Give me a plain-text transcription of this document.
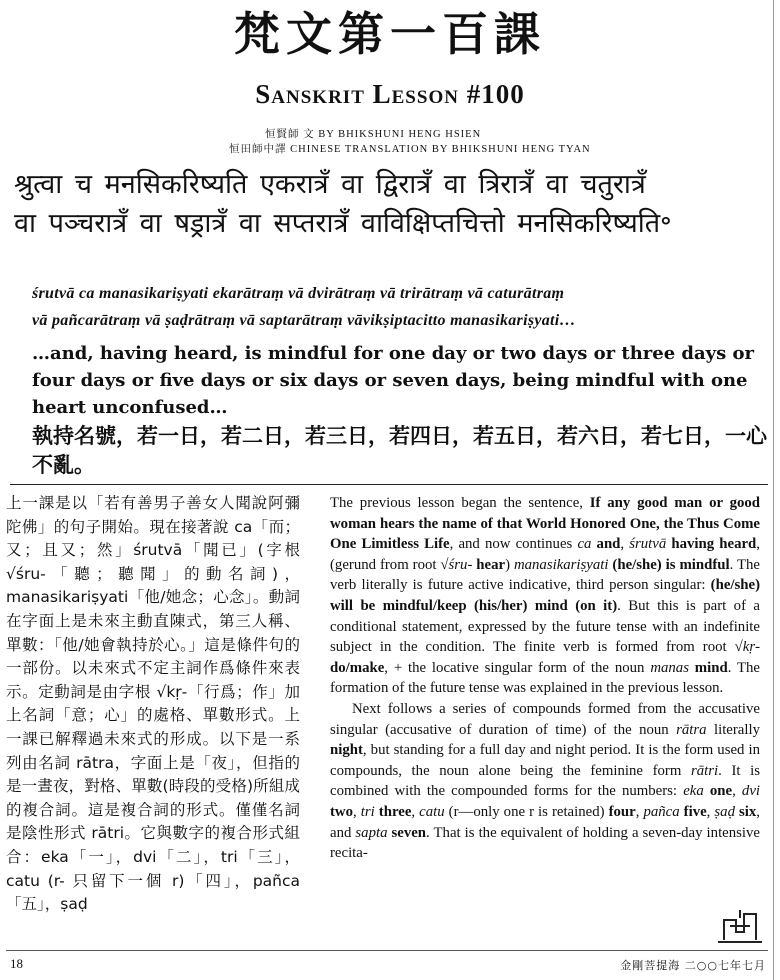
梵文第一百課
Sanskrit Lesson #100
恒賢師 文 BY BHIKSHUNI HENG HSIEN
恒田師中譯 CHINESE TRANSLATION BY BHIKSHUNI HENG TYAN
श्रुत्वा च मनसिकरिष्यति एकरात्रँ वा द्विरात्रँ वा त्रिरात्रँ वा चतुरात्रँ
वा पञ्चरात्रँ वा षड्रात्रँ वा सप्तरात्रँ वाविक्षिप्तचित्तो मनसिकरिष्यति॰
śrutvā ca manasikariṣyati ekarātraṃ vā dvirātraṃ vā trirātraṃ vā caturātraṃ
vā pañcarātraṃ vā ṣaḍrātraṃ vā saptarātraṃ vāvikṣiptacitto manasikariṣyati…
…and, having heard, is mindful for one day or two days or three days or four days or five days or six days or seven days, being mindful with one heart unconfused…
執持名號，若一日，若二日，若三日，若四日，若五日，若六日，若七日，一心不亂。
上一課是以「若有善男子善女人聞說阿彌陀佛」的句子開始。現在接著說 ca「而；又；且又；然」śrutvā「聞已」(字根 √śru-「聽；聽聞」的動名詞)，manasikariṣyati「他/她念；心念」。動詞在字面上是未來主動直陳式，第三人稱、單數：「他/她會執持於心。」這是條件句的一部份。以未來式不定主詞作爲條件來表示。定動詞是由字根 √kṛ-「行爲；作」加上名詞「意；心」的處格、單數形式。上一課已解釋過未來式的形成。以下是一系列由名詞 rātra，字面上是「夜」，但指的是一晝夜，對格、單數(時段的受格)所組成的複合詞。這是複合詞的形式。僅僅名詞是陰性形式 rātri。它與數字的複合形式組合：eka「一」，dvi「二」，tri「三」，catu (r- 只留下一個 r)「四」，pañca「五」，ṣaḍ

The previous lesson began the sentence, If any good man or good woman hears the name of that World Honored One, the Thus Come One Limitless Life, and now continues ca and, śrutvā having heard, (gerund from root √śru- hear) manasikariṣyati (he/she) is mindful. The verb literally is future active indicative, third person singular: (he/she) will be mindful/keep (his/her) mind (on it). But this is part of a conditional statement, expressed by the future tense with an indefinite subject in the condition. The finite verb is formed from root √kṛ- do/make, + the locative singular form of the noun manas mind. The formation of the future tense was explained in the previous lesson.

Next follows a series of compounds formed from the accusative singular (accusative of duration of time) of the noun rātra literally night, but standing for a full day and night period. It is the form used in compounds, the noun alone being the feminine form rātri. It is combined with the compounded forms for the numbers: eka one, dvi two, tri three, catu (r—only one r is retained) four, pañca five, ṣaḍ six, and sapta seven. That is the equivalent of holding a seven-day intensive recita-

18	金剛菩提海 二○○七年七月
